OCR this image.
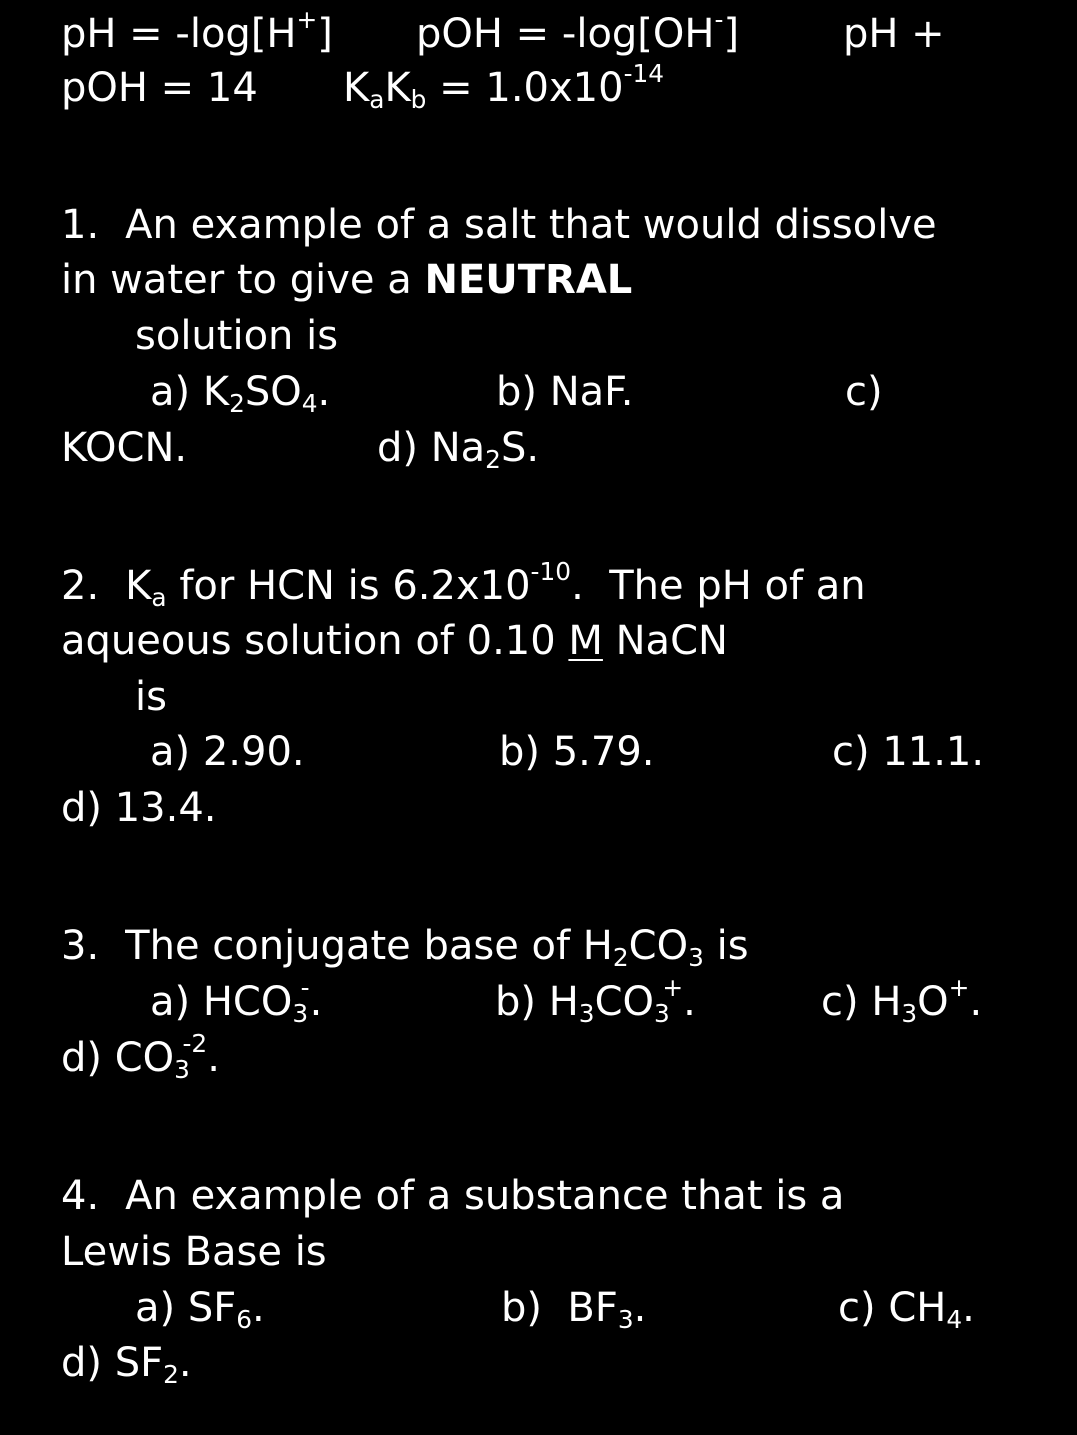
pH = -log[H+] pOH = -log[OH-]	pH +
pOH = 14 $K_aK_b = 1.0x10^{-14}$
1. An example of a salt that would dissolve
in water to give a NEUTRAL
solution is
a) $K_2SO_4$.	b) NaF.	c)
KOCN.	d) $Na_2S$.
2. $K_a$ for HCN is $6.2x10^{-10}$.  The pH of an
aqueous solution of 0.10 M NaCN
is
a) 2.90.	b) 5.79.	c) 11.1.
d) 13.4.
3. The conjugate base of $H_2CO_3$ is
a) $HCO_3^-$.	b) $H_3CO_3^+$.	c) $H_3O^+$.
d) $CO_3^{-2}$.
4. An example of a substance that is a
Lewis Base is
a) $SF_6$.	b)  $BF_3$.	c) $CH_4$.
d) $SF_2$.
